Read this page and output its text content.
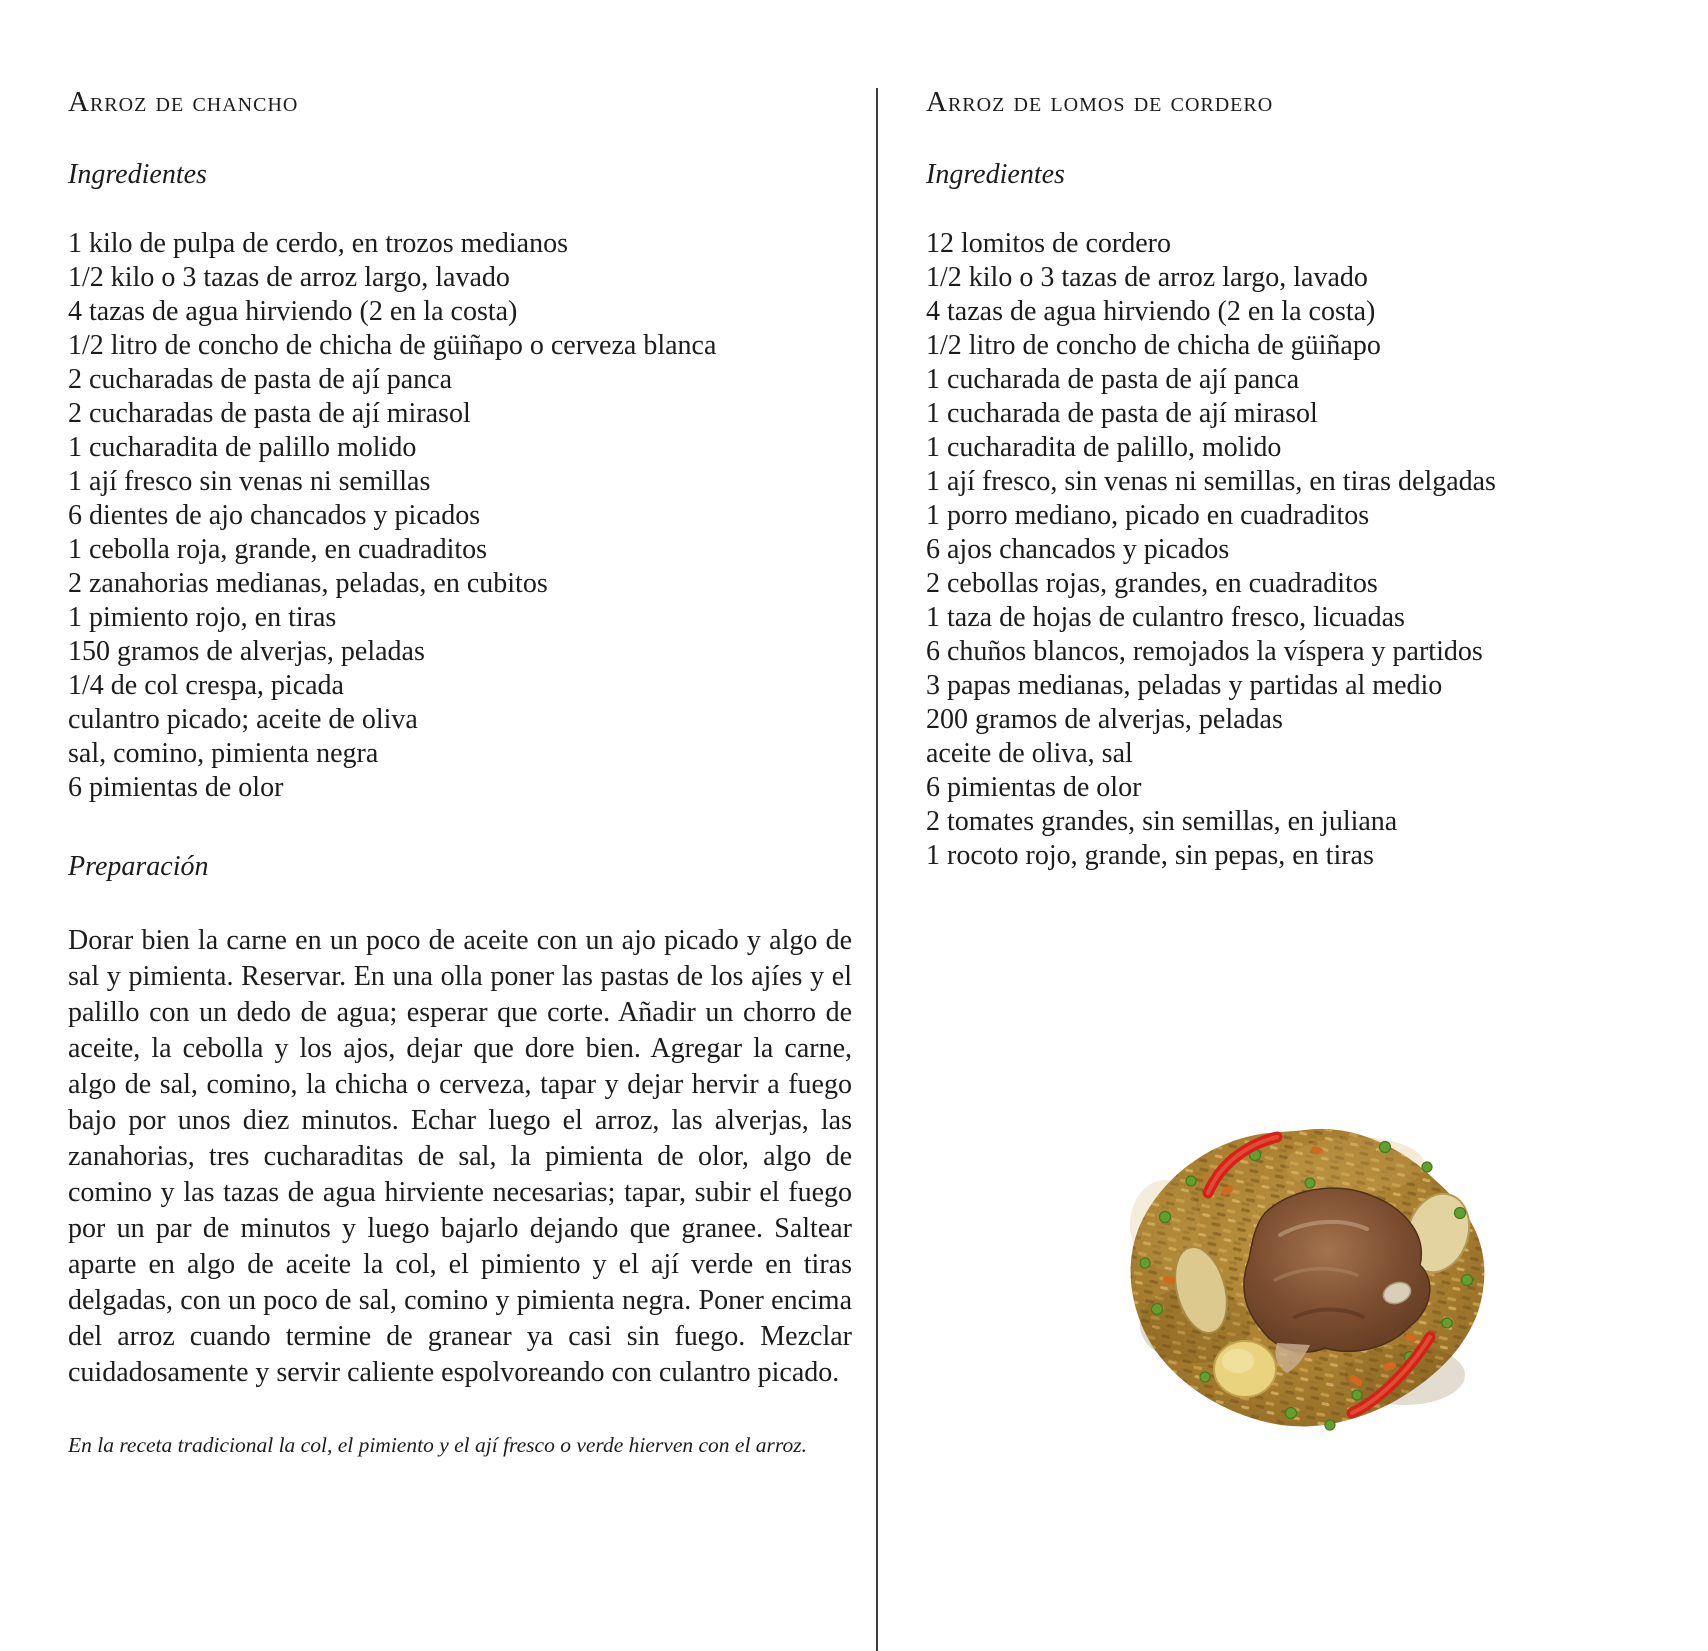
Arroz de chancho
Ingredientes
1 kilo de pulpa de cerdo, en trozos medianos
1/2 kilo o 3 tazas de arroz largo, lavado
4 tazas de agua hirviendo (2 en la costa)
1/2 litro de concho de chicha de güiñapo o cerveza blanca
2 cucharadas de pasta de ají panca
2 cucharadas de pasta de ají mirasol
1 cucharadita de palillo molido
1 ají fresco sin venas ni semillas
6 dientes de ajo chancados y picados
1 cebolla roja, grande, en cuadraditos
2 zanahorias medianas, peladas, en cubitos
1 pimiento rojo, en tiras
150 gramos de alverjas, peladas
1/4 de col crespa, picada
culantro picado; aceite de oliva
sal, comino, pimienta negra
6 pimientas de olor
Preparación

Dorar bien la carne en un poco de aceite con un ajo picado y algo de sal y pimienta. Reservar. En una olla poner las pastas de los ajíes y el palillo con un dedo de agua; esperar que corte. Añadir un chorro de aceite, la cebolla y los ajos, dejar que dore bien. Agregar la carne, algo de sal, comino, la chicha o cerveza, tapar y dejar hervir a fuego bajo por unos diez minutos. Echar luego el arroz, las alverjas, las zanahorias, tres cucharaditas de sal, la pimienta de olor, algo de comino y las tazas de agua hirviente necesarias; tapar, subir el fuego por un par de minutos y luego bajarlo dejando que granee. Saltear aparte en algo de aceite la col, el pimiento y el ají verde en tiras delgadas, con un poco de sal, comino y pimienta negra. Poner encima del arroz cuando termine de granear ya casi sin fuego. Mezclar cuidadosamente y servir caliente espolvoreando con culantro picado.

En la receta tradicional la col, el pimiento y el ají fresco o verde hierven con el arroz.

Arroz de lomos de cordero
Ingredientes
12 lomitos de cordero
1/2 kilo o 3 tazas de arroz largo, lavado
4 tazas de agua hirviendo (2 en la costa)
1/2 litro de concho de chicha de güiñapo
1 cucharada de pasta de ají panca
1 cucharada de pasta de ají mirasol
1 cucharadita de palillo, molido
1 ají fresco, sin venas ni semillas, en tiras delgadas
1 porro mediano, picado en cuadraditos
6 ajos chancados y picados
2 cebollas rojas, grandes, en cuadraditos
1 taza de hojas de culantro fresco, licuadas
6 chuños blancos, remojados la víspera y partidos
3 papas medianas, peladas y partidas al medio
200 gramos de alverjas, peladas
aceite de oliva, sal
6 pimientas de olor
2 tomates grandes, sin semillas, en juliana
1 rocoto rojo, grande, sin pepas, en tiras
